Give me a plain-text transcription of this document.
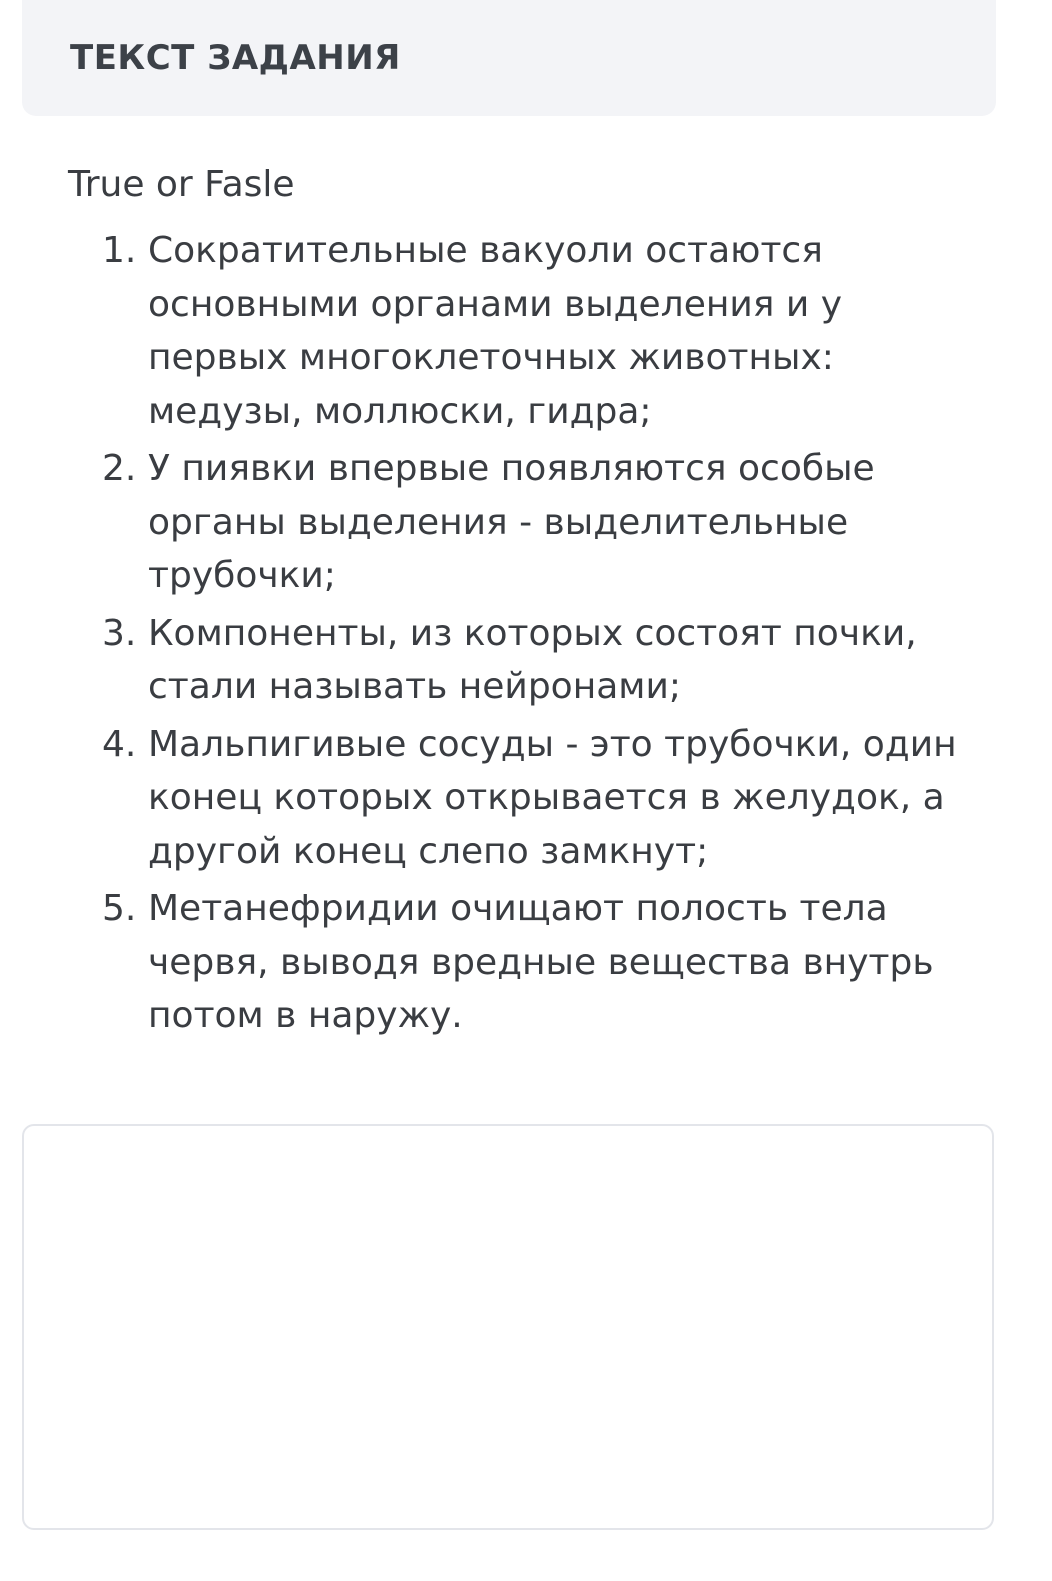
ТЕКСТ ЗАДАНИЯ

True or Fasle

1. Сократительные вакуоли остаются основными органами выделения и у первых многоклеточных животных: медузы, моллюски, гидра;
2. У пиявки впервые появляются особые органы выделения - выделительные трубочки;
3. Компоненты, из которых состоят почки, стали называть нейронами;
4. Мальпигивые сосуды - это трубочки, один конец которых открывается в желудок, а другой конец слепо замкнут;
5. Метанефридии очищают полость тела червя, выводя вредные вещества внутрь потом в наружу.
